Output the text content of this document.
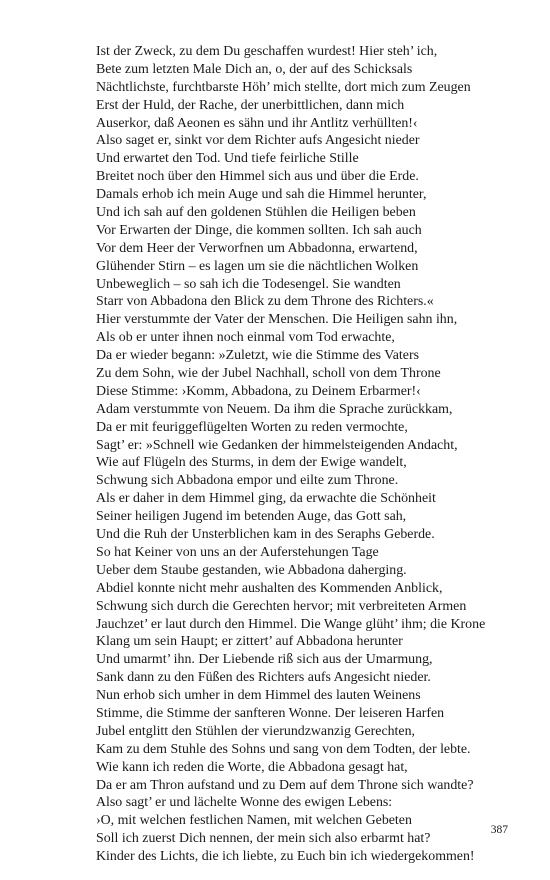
Ist der Zweck, zu dem Du geschaffen wurdest! Hier steh’ ich,
Bete zum letzten Male Dich an, o, der auf des Schicksals
Nächtlichste, furchtbarste Höh’ mich stellte, dort mich zum Zeugen
Erst der Huld, der Rache, der unerbittlichen, dann mich
Auserkor, daß Aeonen es sähn und ihr Antlitz verhüllten!‹
Also saget er, sinkt vor dem Richter aufs Angesicht nieder
Und erwartet den Tod. Und tiefe feirliche Stille
Breitet noch über den Himmel sich aus und über die Erde.
Damals erhob ich mein Auge und sah die Himmel herunter,
Und ich sah auf den goldenen Stühlen die Heiligen beben
Vor Erwarten der Dinge, die kommen sollten. Ich sah auch
Vor dem Heer der Verworfnen um Abbadonna, erwartend,
Glühender Stirn – es lagen um sie die nächtlichen Wolken
Unbeweglich – so sah ich die Todesengel. Sie wandten
Starr von Abbadona den Blick zu dem Throne des Richters.«
Hier verstummte der Vater der Menschen. Die Heiligen sahn ihn,
Als ob er unter ihnen noch einmal vom Tod erwachte,
Da er wieder begann: »Zuletzt, wie die Stimme des Vaters
Zu dem Sohn, wie der Jubel Nachhall, scholl von dem Throne
Diese Stimme: ›Komm, Abbadona, zu Deinem Erbarmer!‹
Adam verstummte von Neuem. Da ihm die Sprache zurückkam,
Da er mit feuriggeflügelten Worten zu reden vermochte,
Sagt’ er: »Schnell wie Gedanken der himmelsteigenden Andacht,
Wie auf Flügeln des Sturms, in dem der Ewige wandelt,
Schwung sich Abbadona empor und eilte zum Throne.
Als er daher in dem Himmel ging, da erwachte die Schönheit
Seiner heiligen Jugend im betenden Auge, das Gott sah,
Und die Ruh der Unsterblichen kam in des Seraphs Geberde.
So hat Keiner von uns an der Auferstehungen Tage
Ueber dem Staube gestanden, wie Abbadona daherging.
Abdiel konnte nicht mehr aushalten des Kommenden Anblick,
Schwung sich durch die Gerechten hervor; mit verbreiteten Armen
Jauchzet’ er laut durch den Himmel. Die Wange glüht’ ihm; die Krone
Klang um sein Haupt; er zittert’ auf Abbadona herunter
Und umarmt’ ihn. Der Liebende riß sich aus der Umarmung,
Sank dann zu den Füßen des Richters aufs Angesicht nieder.
Nun erhob sich umher in dem Himmel des lauten Weinens
Stimme, die Stimme der sanfteren Wonne. Der leiseren Harfen
Jubel entglitt den Stühlen der vierundzwanzig Gerechten,
Kam zu dem Stuhle des Sohns und sang von dem Todten, der lebte.
Wie kann ich reden die Worte, die Abbadona gesagt hat,
Da er am Thron aufstand und zu Dem auf dem Throne sich wandte?
Also sagt’ er und lächelte Wonne des ewigen Lebens:
›O, mit welchen festlichen Namen, mit welchen Gebeten
Soll ich zuerst Dich nennen, der mein sich also erbarmt hat?
Kinder des Lichts, die ich liebte, zu Euch bin ich wiedergekommen!
387
